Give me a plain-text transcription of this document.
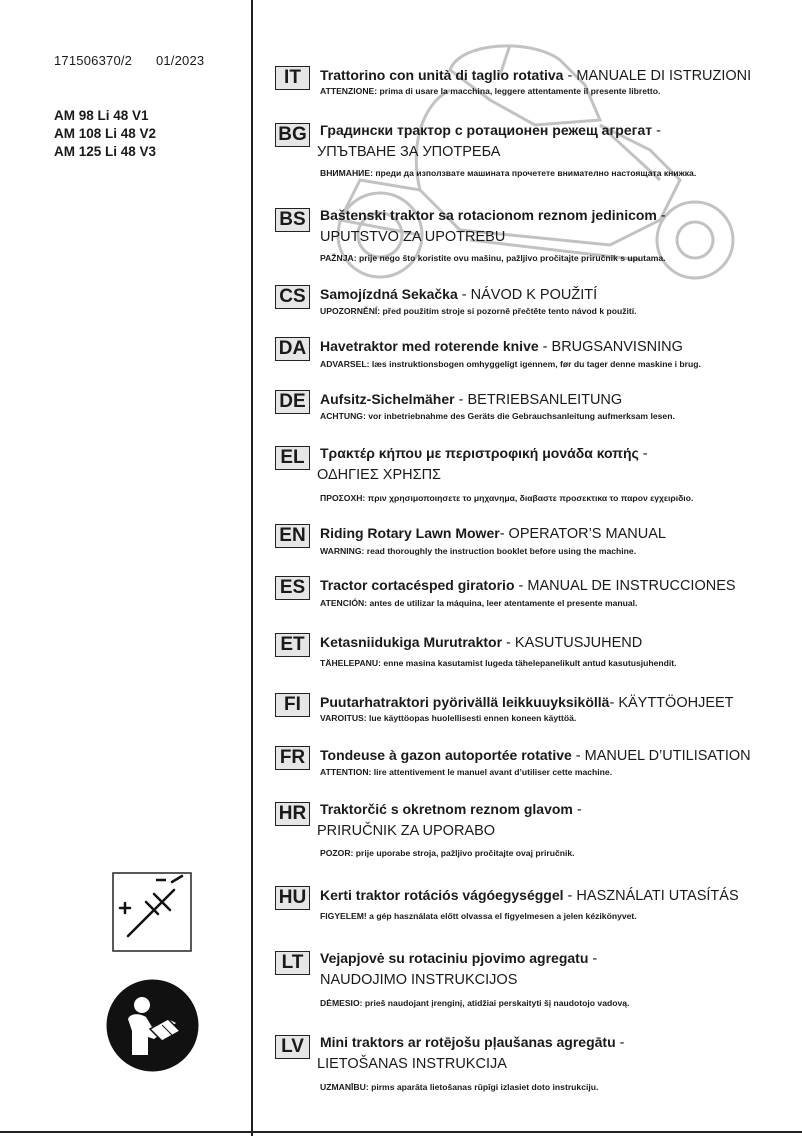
171506370/2 01/2023
AM 98 Li 48 V1
AM 108 Li 48 V2
AM 125 Li 48 V3
IT	Trattorino con unità di taglio rotativa - MANUALE DI ISTRUZIONI
ATTENZIONE: prima di usare la macchina, leggere attentamente il presente libretto.
BG Градински трактор с ротационен режещ агрегат -
УПЪТВАНЕ ЗА УПОТРЕБА
ВНИМАНИЕ: преди да използвате машината прочетете внимателно настоящата книжка.
BS	Baštenski traktor sa rotacionom reznom jedinicom -
UPUTSTVO ZA UPOTREBU
PAŽNJA: prije nego što koristite ovu mašinu, pažljivo pročitajte priručnik s uputama.
CS	Samojízdná Sekačka - NÁVOD K POUŽITÍ
UPOZORNĚNÍ: před použitím stroje si pozorně přečtěte tento návod k použití.
DA Havetraktor med roterende knive - BRUGSANVISNING
ADVARSEL: læs instruktionsbogen omhyggeligt igennem, før du tager denne maskine i brug.
DE	Aufsitz-Sichelmäher - BETRIEBSANLEITUNG
ACHTUNG: vor inbetriebnahme des Geräts die Gebrauchsanleitung aufmerksam lesen.
EL	Τρακτέρ κήπου με περιστροφική μονάδα κοπής -
ΟΔΗΓΙΕΣ ΧΡΗΣΠΣ
ΠΡΟΣΟΧΗ: πριν χρησιμοποιησετε το μηχανημα, διαβαστε προσεκτικα το παρον εγχειριδιο.
EN	Riding Rotary Lawn Mower- OPERATOR’S MANUAL
WARNING: read thoroughly the instruction booklet before using the machine.
ES	Tractor cortacésped giratorio - MANUAL DE INSTRUCCIONES
ATENCIÓN: antes de utilizar la máquina, leer atentamente el presente manual.
ET	Ketasniidukiga Murutraktor - KASUTUSJUHEND
TÄHELEPANU: enne masina kasutamist lugeda tähelepanelikult antud kasutusjuhendit.
FI	Puutarhatraktori pyörivällä leikkuuyksiköllä- KÄYTTÖOHJEET
VAROITUS: lue käyttöopas huolellisesti ennen koneen käyttöä.
FR	Tondeuse à gazon autoportée rotative - MANUEL D’UTILISATION
ATTENTION: lire attentivement le manuel avant d’utiliser cette machine.
HR Traktorčić s okretnom reznom glavom -
PRIRUČNIK ZA UPORABO
POZOR: prije uporabe stroja, pažljivo pročitajte ovaj priručnik.
HU Kerti traktor rotációs vágóegységgel - HASZNÁLATI UTASÍTÁS
FIGYELEM! a gép használata előtt olvassa el figyelmesen a jelen kézikönyvet.
LT	Vejapjovė su rotaciniu pjovimo agregatu -
NAUDOJIMO INSTRUKCIJOS
DĖMESIO: prieš naudojant įrenginį, atidžiai perskaityti šį naudotojo vadovą.
LV	Mini traktors ar rotējošu pļaušanas agregātu -
LIETOŠANAS INSTRUKCIJA
UZMANĪBU: pirms aparāta lietošanas rūpīgi izlasiet doto instrukciju.
